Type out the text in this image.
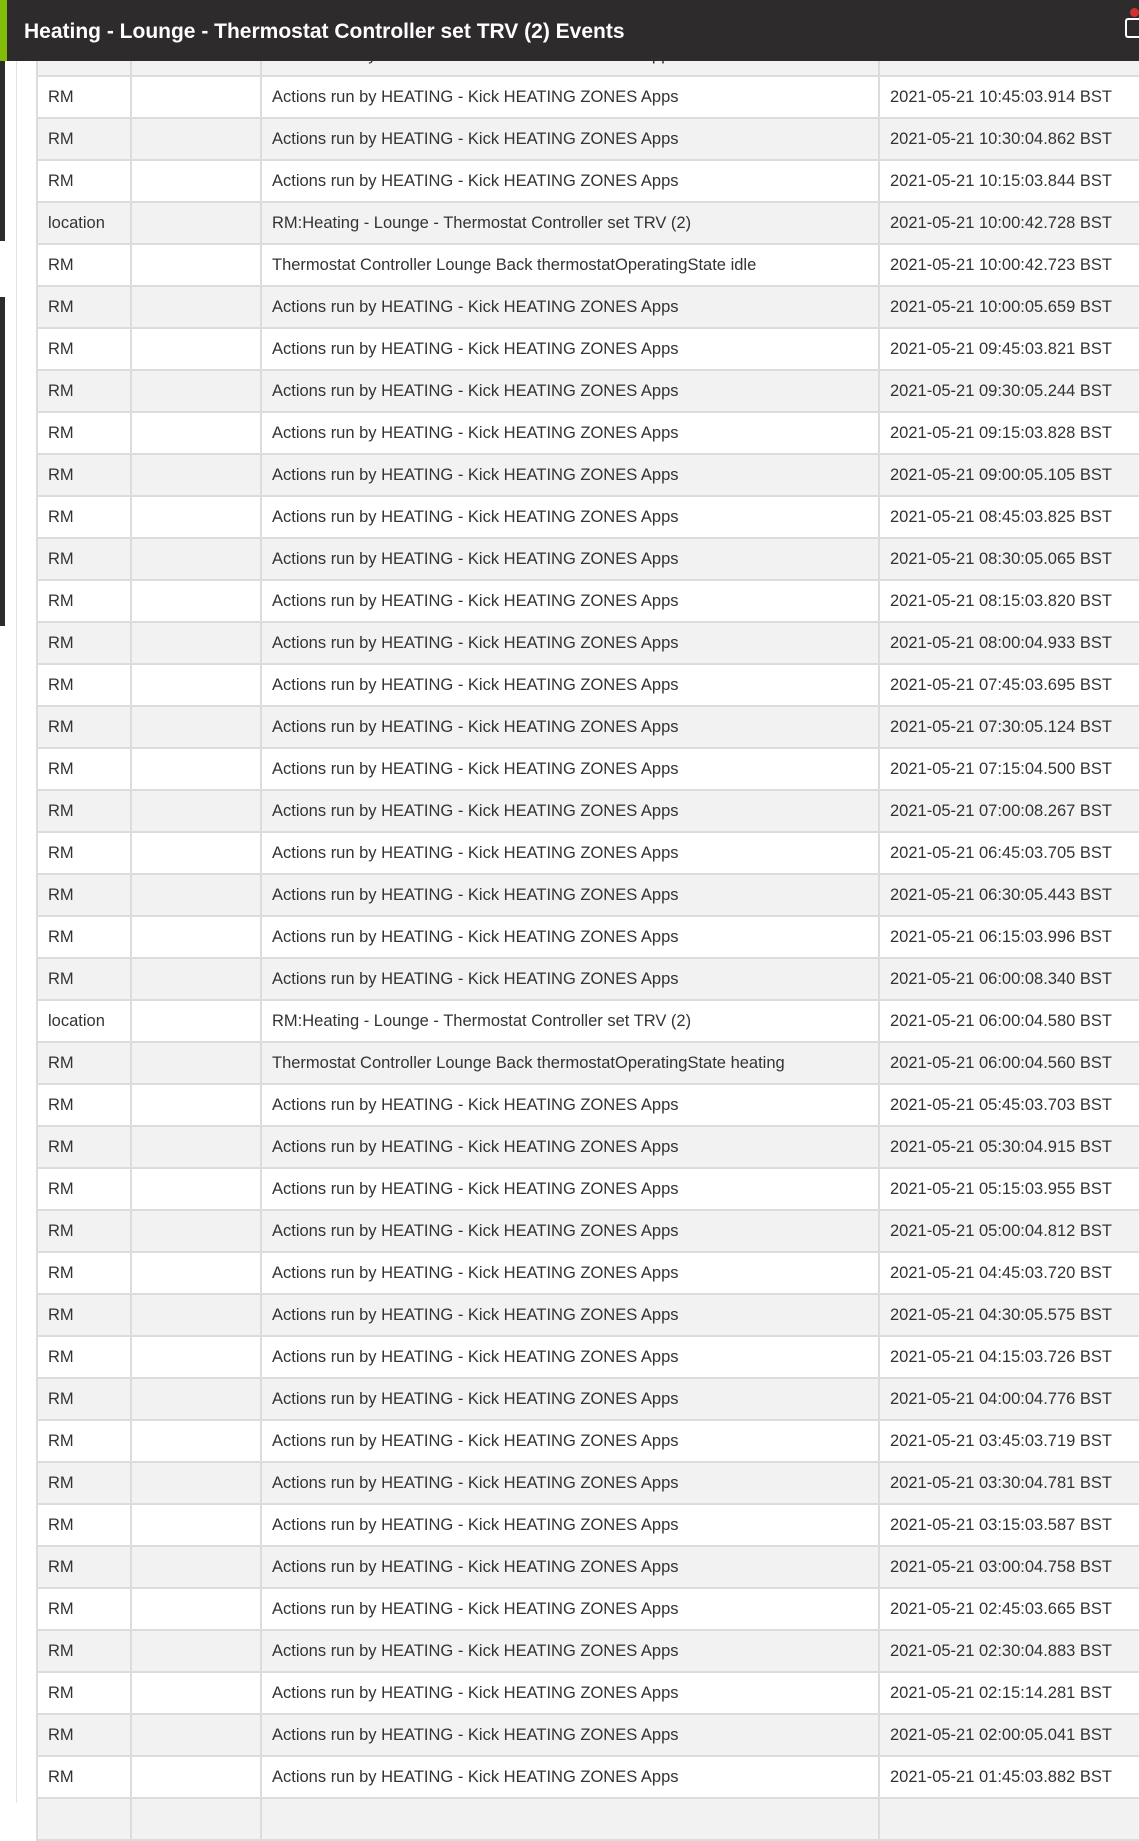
RM		Actions run by HEATING - Kick HEATING ZONES Apps	2021-05-21 10:45:03.914 BST
RM		Actions run by HEATING - Kick HEATING ZONES Apps	2021-05-21 10:30:04.862 BST
RM		Actions run by HEATING - Kick HEATING ZONES Apps	2021-05-21 10:15:03.844 BST
location		RM:Heating - Lounge - Thermostat Controller set TRV (2)	2021-05-21 10:00:42.728 BST
RM		Thermostat Controller Lounge Back thermostatOperatingState idle	2021-05-21 10:00:42.723 BST
RM		Actions run by HEATING - Kick HEATING ZONES Apps	2021-05-21 10:00:05.659 BST
RM		Actions run by HEATING - Kick HEATING ZONES Apps	2021-05-21 09:45:03.821 BST
RM		Actions run by HEATING - Kick HEATING ZONES Apps	2021-05-21 09:30:05.244 BST
RM		Actions run by HEATING - Kick HEATING ZONES Apps	2021-05-21 09:15:03.828 BST
RM		Actions run by HEATING - Kick HEATING ZONES Apps	2021-05-21 09:00:05.105 BST
RM		Actions run by HEATING - Kick HEATING ZONES Apps	2021-05-21 08:45:03.825 BST
RM		Actions run by HEATING - Kick HEATING ZONES Apps	2021-05-21 08:30:05.065 BST
RM		Actions run by HEATING - Kick HEATING ZONES Apps	2021-05-21 08:15:03.820 BST
RM		Actions run by HEATING - Kick HEATING ZONES Apps	2021-05-21 08:00:04.933 BST
RM		Actions run by HEATING - Kick HEATING ZONES Apps	2021-05-21 07:45:03.695 BST
RM		Actions run by HEATING - Kick HEATING ZONES Apps	2021-05-21 07:30:05.124 BST
RM		Actions run by HEATING - Kick HEATING ZONES Apps	2021-05-21 07:15:04.500 BST
RM		Actions run by HEATING - Kick HEATING ZONES Apps	2021-05-21 07:00:08.267 BST
RM		Actions run by HEATING - Kick HEATING ZONES Apps	2021-05-21 06:45:03.705 BST
RM		Actions run by HEATING - Kick HEATING ZONES Apps	2021-05-21 06:30:05.443 BST
RM		Actions run by HEATING - Kick HEATING ZONES Apps	2021-05-21 06:15:03.996 BST
RM		Actions run by HEATING - Kick HEATING ZONES Apps	2021-05-21 06:00:08.340 BST
location		RM:Heating - Lounge - Thermostat Controller set TRV (2)	2021-05-21 06:00:04.580 BST
RM		Thermostat Controller Lounge Back thermostatOperatingState heating	2021-05-21 06:00:04.560 BST
RM		Actions run by HEATING - Kick HEATING ZONES Apps	2021-05-21 05:45:03.703 BST
RM		Actions run by HEATING - Kick HEATING ZONES Apps	2021-05-21 05:30:04.915 BST
RM		Actions run by HEATING - Kick HEATING ZONES Apps	2021-05-21 05:15:03.955 BST
RM		Actions run by HEATING - Kick HEATING ZONES Apps	2021-05-21 05:00:04.812 BST
RM		Actions run by HEATING - Kick HEATING ZONES Apps	2021-05-21 04:45:03.720 BST
RM		Actions run by HEATING - Kick HEATING ZONES Apps	2021-05-21 04:30:05.575 BST
RM		Actions run by HEATING - Kick HEATING ZONES Apps	2021-05-21 04:15:03.726 BST
RM		Actions run by HEATING - Kick HEATING ZONES Apps	2021-05-21 04:00:04.776 BST
RM		Actions run by HEATING - Kick HEATING ZONES Apps	2021-05-21 03:45:03.719 BST
RM		Actions run by HEATING - Kick HEATING ZONES Apps	2021-05-21 03:30:04.781 BST
RM		Actions run by HEATING - Kick HEATING ZONES Apps	2021-05-21 03:15:03.587 BST
RM		Actions run by HEATING - Kick HEATING ZONES Apps	2021-05-21 03:00:04.758 BST
RM		Actions run by HEATING - Kick HEATING ZONES Apps	2021-05-21 02:45:03.665 BST
RM		Actions run by HEATING - Kick HEATING ZONES Apps	2021-05-21 02:30:04.883 BST
RM		Actions run by HEATING - Kick HEATING ZONES Apps	2021-05-21 02:15:14.281 BST
RM		Actions run by HEATING - Kick HEATING ZONES Apps	2021-05-21 02:00:05.041 BST
RM		Actions run by HEATING - Kick HEATING ZONES Apps	2021-05-21 01:45:03.882 BST

Heating - Lounge - Thermostat Controller set TRV (2) Events
